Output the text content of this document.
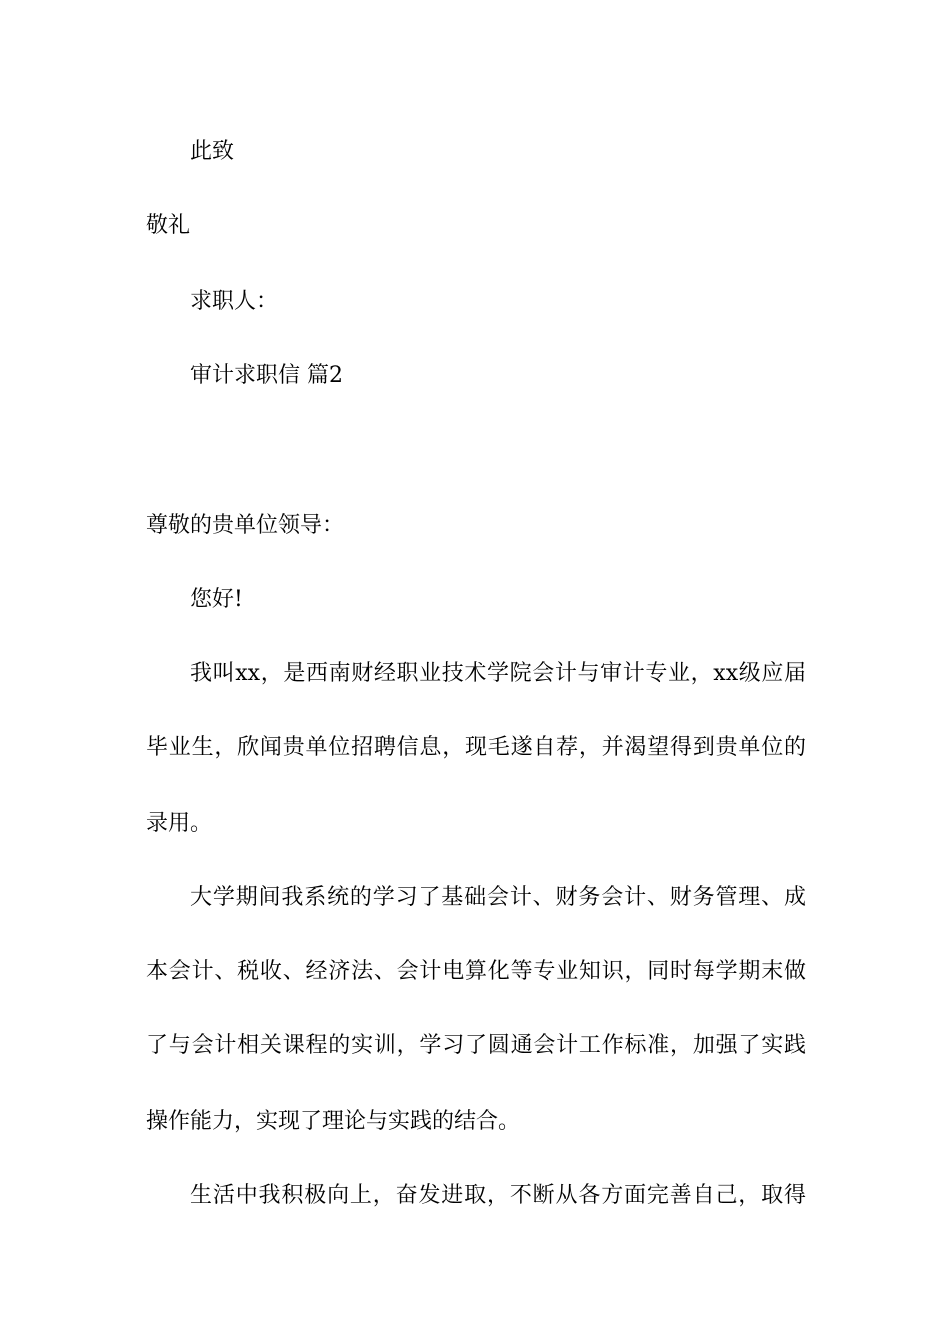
此致
敬礼
求职人：
审计求职信 篇2
尊敬的贵单位领导：
您好!
我叫xx，是西南财经职业技术学院会计与审计专业，xx级应届
毕业生，欣闻贵单位招聘信息，现毛遂自荐，并渴望得到贵单位的
录用。
大学期间我系统的学习了基础会计、财务会计、财务管理、成
本会计、税收、经济法、会计电算化等专业知识，同时每学期末做
了与会计相关课程的实训，学习了圆通会计工作标准，加强了实践
操作能力，实现了理论与实践的结合。
生活中我积极向上，奋发进取，不断从各方面完善自己，取得
